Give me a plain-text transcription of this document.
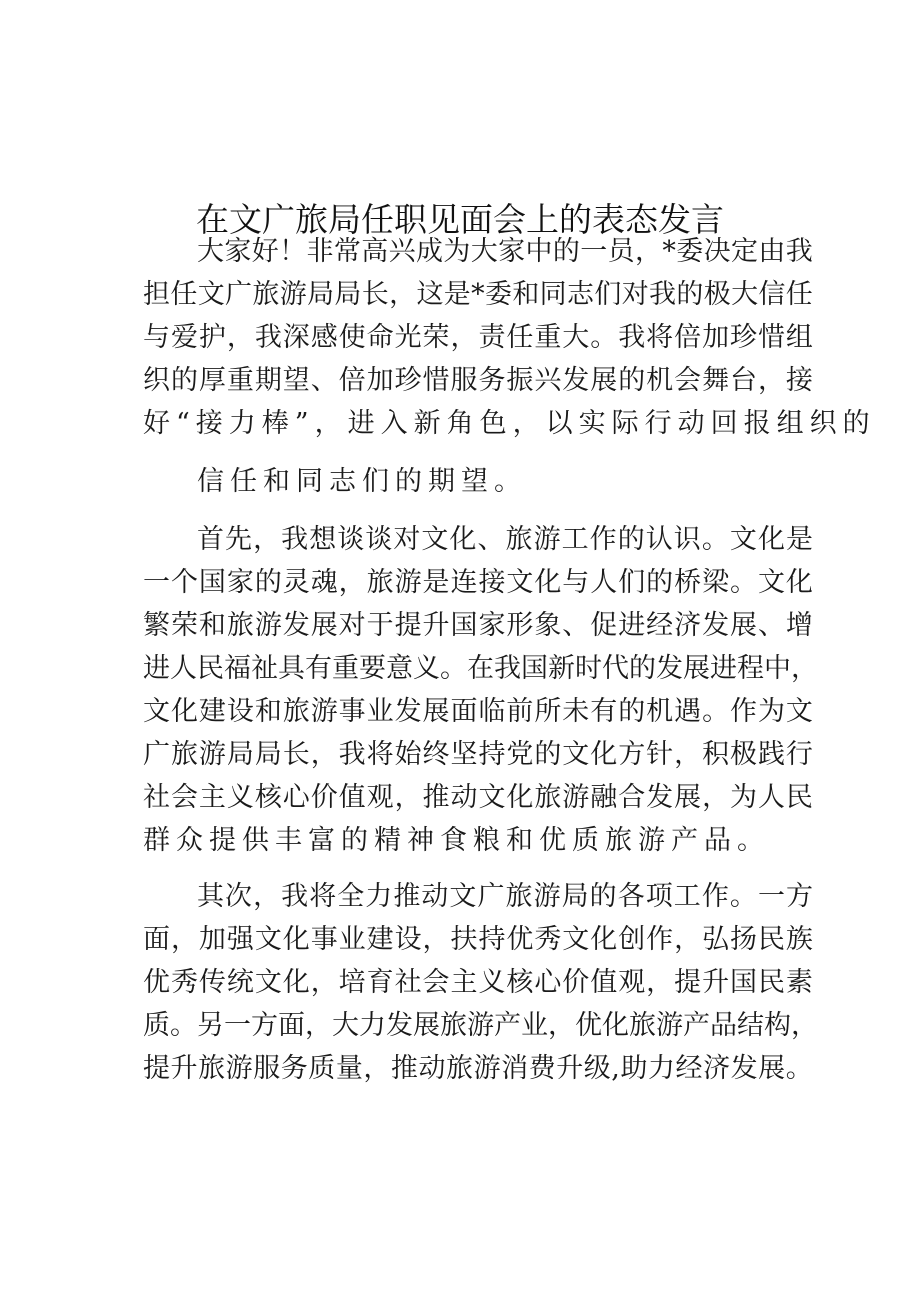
在文广旅局任职见面会上的表态发言

大 家 好 ！ 非 常 高 兴 成 为 大 家 中 的 一 员 ， * 委 决 定 由 我

担 任 文 广 旅 游 局 局 长 ， 这 是 * 委 和 同 志 们 对 我 的 极 大 信 任

与 爱 护 ， 我 深 感 使 命 光 荣 ， 责 任 重 大 。 我 将 倍 加 珍 惜 组

织 的 厚 重 期 望 、 倍 加 珍 惜 服 务 振 兴 发 展 的 机 会 舞 台 ， 接

好“接力棒”，进入新角色，以实际行动回报组织的

信任和同志们的期望。

首 先 ， 我 想 谈 谈 对 文 化 、 旅 游 工 作 的 认 识 。 文 化 是

一 个 国 家 的 灵 魂 ， 旅 游 是 连 接 文 化 与 人 们 的 桥 梁 。 文 化

繁 荣 和 旅 游 发 展 对 于 提 升 国 家 形 象 、 促 进 经 济 发 展 、 增

进 人 民 福 祉 具 有 重 要 意 义 。 在 我 国 新 时 代 的 发 展 进 程 中 ，

文 化 建 设 和 旅 游 事 业 发 展 面 临 前 所 未 有 的 机 遇 。 作 为 文

广 旅 游 局 局 长 ， 我 将 始 终 坚 持 党 的 文 化 方 针 ， 积 极 践 行

社 会 主 义 核 心 价 值 观 ， 推 动 文 化 旅 游 融 合 发 展 ， 为 人 民

群众提供丰富的精神食粮和优质旅游产品。

其 次 ， 我 将 全 力 推 动 文 广 旅 游 局 的 各 项 工 作 。 一 方

面 ， 加 强 文 化 事 业 建 设 ， 扶 持 优 秀 文 化 创 作 ， 弘 扬 民 族

优 秀 传 统 文 化 ， 培 育 社 会 主 义 核 心 价 值 观 ， 提 升 国 民 素

质 。 另 一 方 面 ， 大 力 发 展 旅 游 产 业 ， 优 化 旅 游 产 品 结 构 ，

提 升 旅 游 服 务 质 量 ， 推 动 旅 游 消 费 升 级 , 助 力 经 济 发 展 。
